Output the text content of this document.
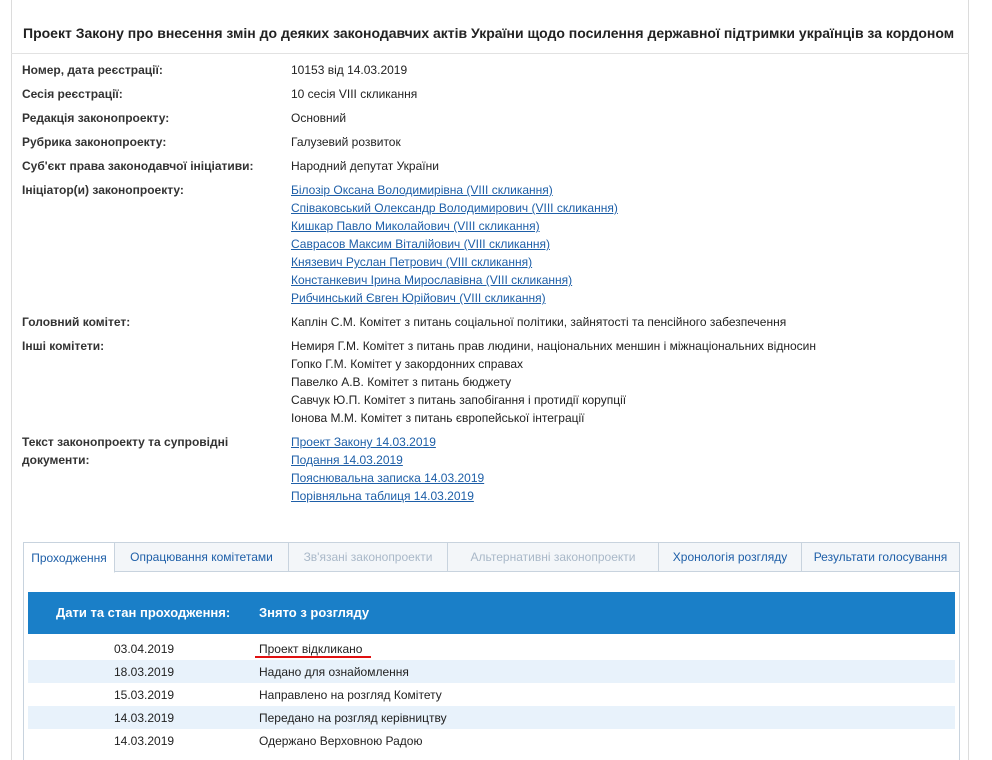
Проект Закону про внесення змін до деяких законодавчих актів України щодо посилення державної підтримки українців за кордоном
Номер, дата реєстрації:	10153 від 14.03.2019
Сесія реєстрації:	10 сесія VIII скликання
Редакція законопроекту:	Основний
Рубрика законопроекту:	Галузевий розвиток
Суб'єкт права законодавчої ініціативи:	Народний депутат України
Ініціатор(и) законопроекту:	Білозір Оксана Володимирівна (VIII скликання)
Співаковський Олександр Володимирович (VIII скликання)
Кишкар Павло Миколайович (VIII скликання)
Саврасов Максим Віталійович (VIII скликання)
Князевич Руслан Петрович (VIII скликання)
Констанкевич Ірина Мирославівна (VIII скликання)
Рибчинський Євген Юрійович (VIII скликання)
Головний комітет:	Каплін С.М. Комітет з питань соціальної політики, зайнятості та пенсійного забезпечення
Інші комітети:	Немиря Г.М. Комітет з питань прав людини, національних меншин і міжнаціональних відносин
Гопко Г.М. Комітет у закордонних справах
Павелко А.В. Комітет з питань бюджету
Савчук Ю.П. Комітет з питань запобігання і протидії корупції
Іонова М.М. Комітет з питань європейської інтеграції
Текст законопроекту та супровідні
документи:
Проект Закону 14.03.2019
Подання 14.03.2019
Пояснювальна записка 14.03.2019
Порівняльна таблиця 14.03.2019
Проходження	Опрацювання комітетами	Зв'язані законопроекти	Альтернативні законопроекти	Хронологія розгляду	Результати голосування
Дати та стан проходження: Знято з розгляду
03.04.2019	Проект відкликано
18.03.2019	Надано для ознайомлення
15.03.2019	Направлено на розгляд Комітету
14.03.2019	Передано на розгляд керівництву
14.03.2019	Одержано Верховною Радою
